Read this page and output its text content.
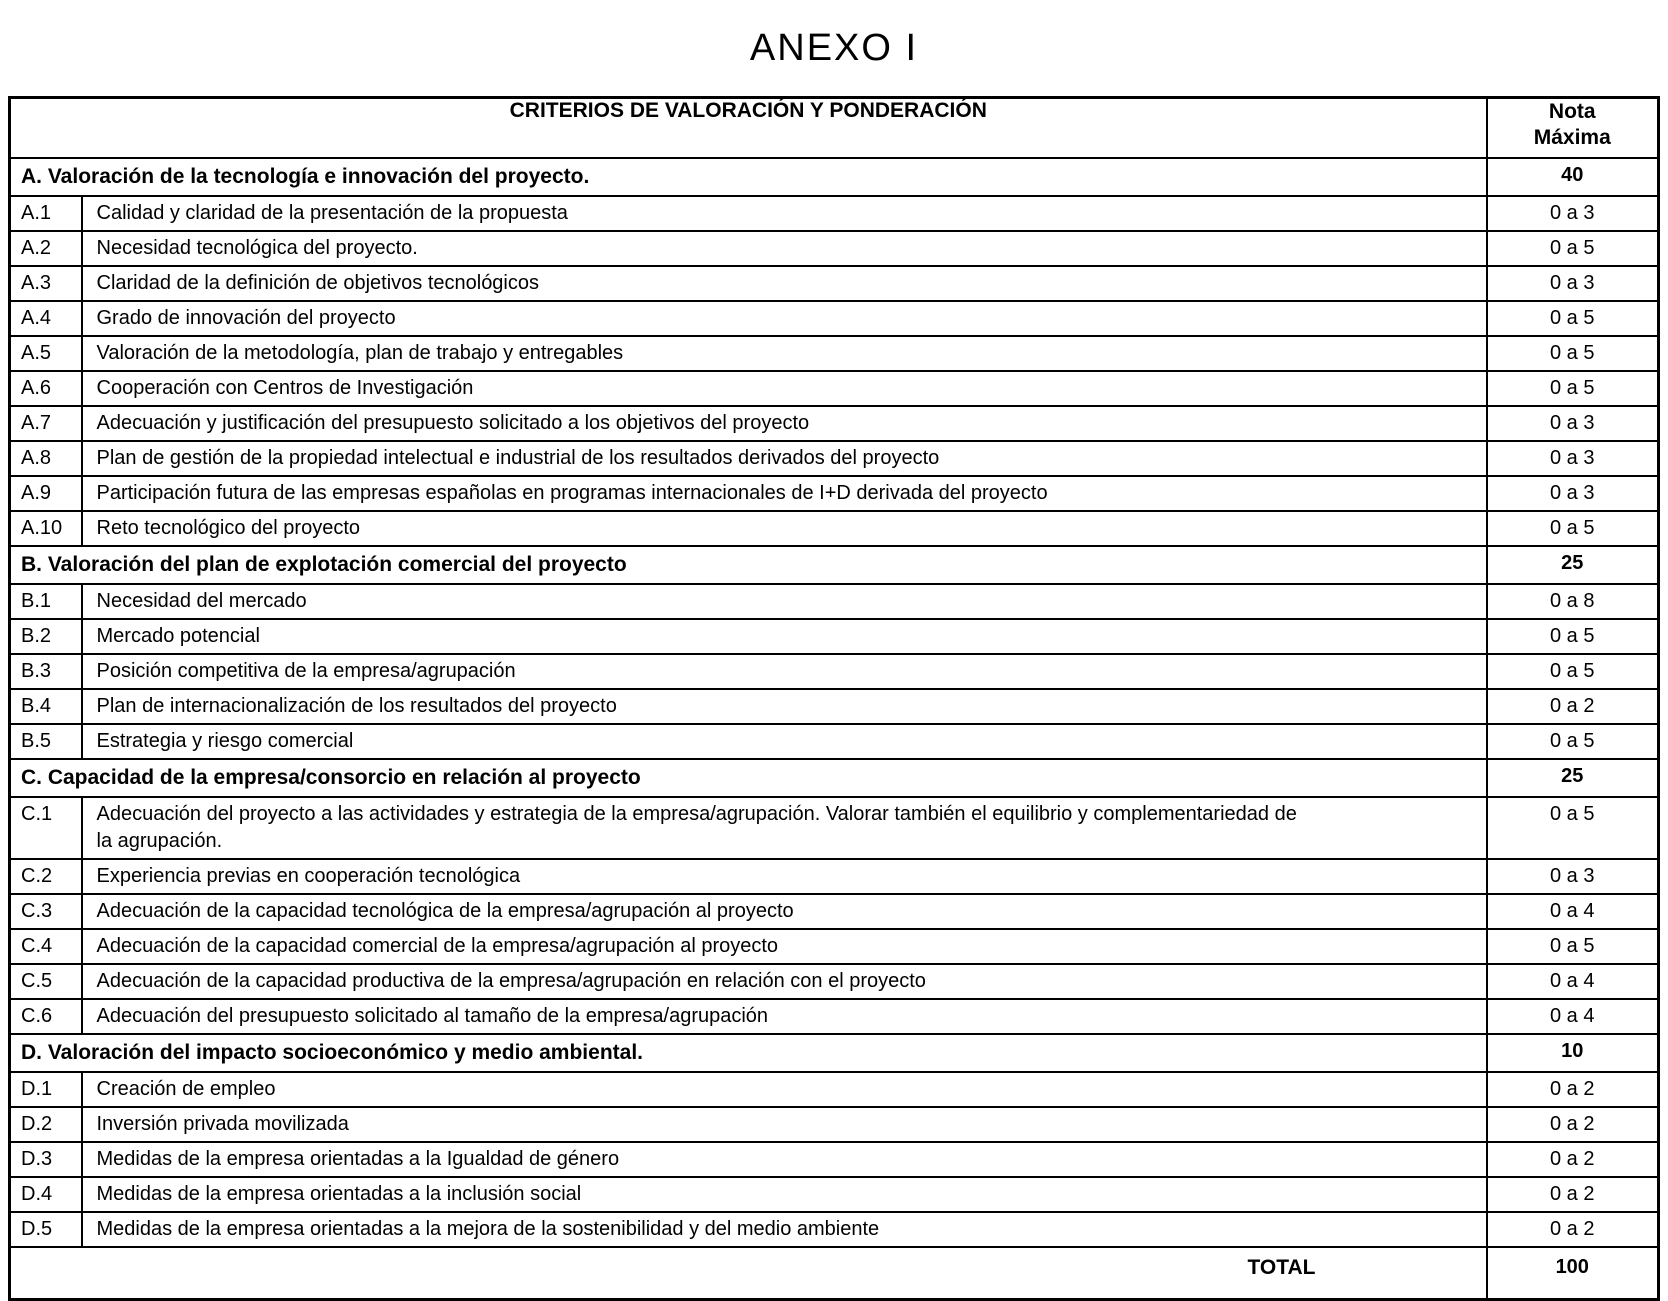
ANEXO I
CRITERIOS DE VALORACIÓN Y PONDERACIÓN		Nota
Máxima
A. Valoración de la tecnología e innovación del proyecto.		40
A.1	Calidad y claridad de la presentación de la propuesta	0 a 3
A.2	Necesidad tecnológica del proyecto.	0 a 5
A.3	Claridad de la definición de objetivos tecnológicos	0 a 3
A.4	Grado de innovación del proyecto	0 a 5
A.5	Valoración de la metodología, plan de trabajo y entregables	0 a 5
A.6	Cooperación con Centros de Investigación	0 a 5
A.7	Adecuación y justificación del presupuesto solicitado a los objetivos del proyecto	0 a 3
A.8	Plan de gestión de la propiedad intelectual e industrial de los resultados derivados del proyecto	0 a 3
A.9	Participación futura de las empresas españolas en programas internacionales de I+D derivada del proyecto	0 a 3
A.10	Reto tecnológico del proyecto	0 a 5
B. Valoración del plan de explotación comercial del proyecto		25
B.1	Necesidad del mercado	0 a 8
B.2	Mercado potencial	0 a 5
B.3	Posición competitiva de la empresa/agrupación	0 a 5
B.4	Plan de internacionalización de los resultados del proyecto	0 a 2
B.5	Estrategia y riesgo comercial	0 a 5
C. Capacidad de la empresa/consorcio en relación al proyecto		25
C.1	Adecuación del proyecto a las actividades y estrategia de la empresa/agrupación. Valorar también el equilibrio y complementariedad de la agrupación.	0 a 5
C.2	Experiencia previas en cooperación tecnológica	0 a 3
C.3	Adecuación de la capacidad tecnológica de la empresa/agrupación al proyecto	0 a 4
C.4	Adecuación de la capacidad comercial de la empresa/agrupación al proyecto	0 a 5
C.5	Adecuación de la capacidad productiva de la empresa/agrupación en relación con el proyecto	0 a 4
C.6	Adecuación del presupuesto solicitado al tamaño de la empresa/agrupación	0 a 4
D. Valoración del impacto socioeconómico y medio ambiental.		10
D.1	Creación de empleo	0 a 2
D.2	Inversión privada movilizada	0 a 2
D.3	Medidas de la empresa orientadas a la Igualdad de género	0 a 2
D.4	Medidas de la empresa orientadas a la inclusión social	0 a 2
D.5	Medidas de la empresa orientadas a la mejora de la sostenibilidad y del medio ambiente	0 a 2
TOTAL		100
